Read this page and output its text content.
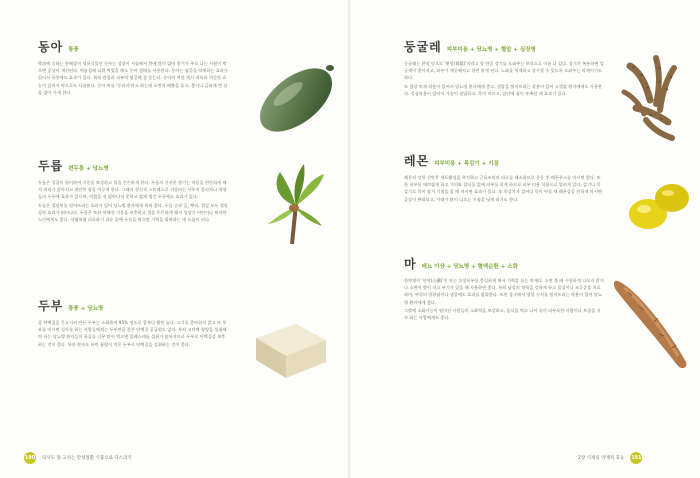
동아 통풍

박과에 속하는 한해살이 덩굴식물인 동아는 성장이 서늘해서 봄에 많이 얇아 좋기가 주로 나는 시원이 먹으면 증상이 개선된다. 여름철에 더위 먹었을 때도 동아 열매를 사용한다. 동아는 염증을 억제하는 효과가 있어서 통풍에도 효과가 있다. 특히 관절과 피부의 염증에 잘 듣는다. 동아의 씨앗 역시 과육과 비슷한 효능이 있어서 약으로도 사용된다. 동아 씨를 '동과자'라고 하는데 소변의 배출을 돕고, 붓기나 급하게 찐 살을 잡아 가게 한다.

두릅 편두통 + 당뇨병

두릅은 성질이 평이하여 기운을 보강하고 혈을 튼튼하게 한다. 두릅의 신선한 향기는 마음을 편안하게 해서 머리가 맑아지고 편안한 잠을 이루게 한다. 그래서 정신적 스트레스로 시달리는 사무직 종사자나 학생들의 두통에 효과가 있으며, 어렸을 적 앓아냐지 못하고 짧게 생긴 두통에도 효과가 있다.

두릅은 혈당치를 떨어뜨리는 효과가 있어 당뇨병 환자에게 특히 좋다. 두릅 순과 잎, 뿌리, 껍질 모두 혈당 강하 효과가 뛰어나다. 두릅은 또한 약해진 기운을 보충하고 혈을 튼튼하게 해서 성장기 어린이나 허약한 노인에게도 좋다. 낙엽처럼 피로하기 쉬운 몸에 두릅을 먹으면 기력을 회복하는 데 도움이 된다.

두부 통풍 + 당뇨병

콩 단백질을 응고시켜 만든 두부는 소화율이 95% 정도로 콩보다 훨씬 높다. 고기를 좋아하지 않고 또 우유를 마시면 설사를 하는 사람들에게는 두부만큼 좋은 단백질 공급원도 없다. 특히 고단백 영양을 섭취해야 하는 당뇨병 환자들이 육류를 너무 많이 먹으면 콜레스테롤 섭취가 많아지므로 두부로 단백질을 보충하는 것이 좋다. 통풍 환자도 퓨린 함량이 적은 두부로 단백질을 섭취하는 것이 좋다.

190 의사도 못 고치는 만성질환 식품으로 다스리기
둥굴레 피부미용 + 당뇨병 + 혈압 + 심장병

둥굴레는 한약 명으로 '황정(黃精)'이라고 할 만큼 정기를 도와주는 보약으로 이름 나 있다. 장기간 복용하면 얼굴색이 좋아지고, 피부가 깨끗해지고 한번 맞게 된다. 노화를 억제하고 장수할 수 있도록 도와주는 약재이기도 하다.

또 혈당 억제 작용이 있어서 당뇨병 환자에게 좋고, 혈압을 떨어뜨리는 작용이 있어 고혈압 환자에게도 사용한다. 강심작용이 있어서 가슴이 답답하고, 목이 마르고, 입안에 침이 부족할 때 효과가 있다.

레몬 피부미용 + 목감기 + 기침

레몬의 강한 신맛은 세포활성을 촉진하고 근육조직의 피로를 해소하므로 운동 후 레몬주스를 마시면 좋다. 또한 피부를 매끄럽게 하고 기미와 잡티를 없애 피부를 희게 하므로 피부 미용 식품으로 알려져 있다. 감기나 목감기로 목이 잠겨 기침을 할 때 마시면 효과가 있다. 또 목감기가 일어나 목이 아플 때 레몬즙을 진하게 마시면 증상이 완화되고, 가래가 많이 나오는 기침을 낫게 하기도 한다.

마 배뇨 이상 + 당뇨병 + 혈액순환 + 소화

한약명이 '산약(山藥)'인 마는 오장육부를 충실하게 해서 기력을 돕는 약재다. 소변 볼 때 시원하게 나오지 않거나 소변이 방이 자고 부기가 있을 때 사용하면 좋다. 특히 남성의 정력을 강하게 하고 몸질이나 조루증을 치료하며, 여성의 방광염이나 냉증에도 효과를 발휘한다. 또한 몸속에서 혈당 수치를 떨어뜨리는 작용이 있어 당뇨병 환자에게 좋다.

그밖에 소화기능이 떨어진 사람들의 소화력을 보강하고, 음식을 먹고 나서 속이 더부룩한 사람이나 트림을 자주 하는 사람에게도 좋다.

2장 식재의 약재적 효능 191
